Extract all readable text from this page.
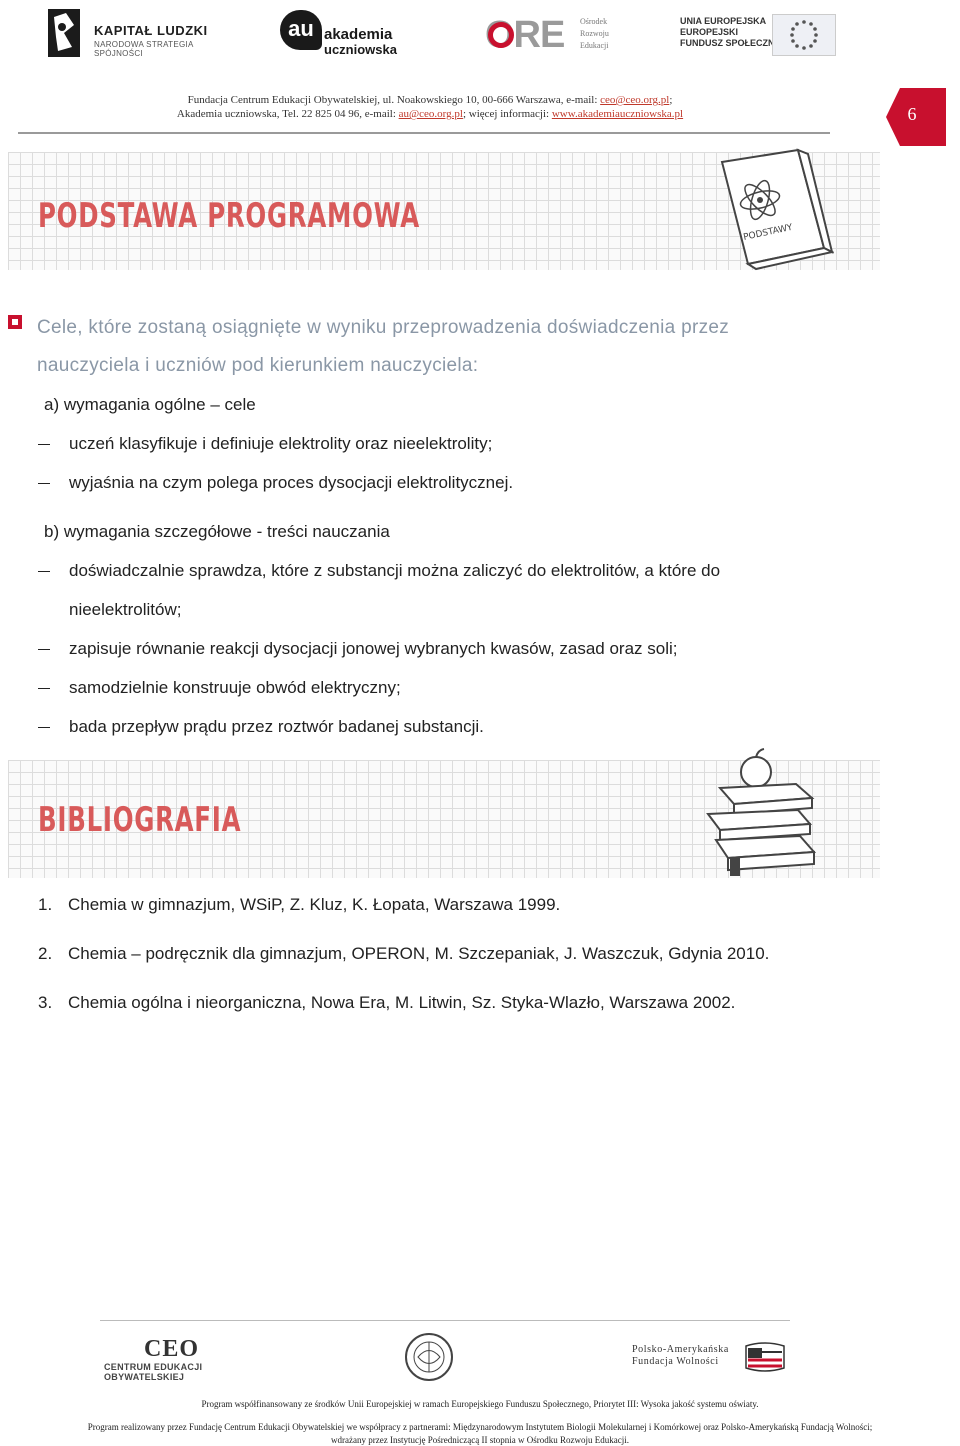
KAPITAŁ LUDZKI
NARODOWA STRATEGIA SPÓJNOŚCI
au akademia
uczniowska ORE Ośrodek
Rozwoju
Edukacji
UNIA EUROPEJSKA
EUROPEJSKI
FUNDUSZ SPOŁECZNY
Fundacja Centrum Edukacji Obywatelskiej, ul. Noakowskiego 10, 00-666 Warszawa, e-mail: ceo@ceo.org.pl;
Akademia uczniowska, Tel. 22 825 04 96, e-mail: au@ceo.org.pl; więcej informacji: www.akademiauczniowska.pl	6
PODSTAWA PROGRAMOWA	PODSTAWY
Cele, które zostaną osiągnięte w wyniku przeprowadzenia doświadczenia przez
nauczyciela i uczniów pod kierunkiem nauczyciela:
a) wymagania ogólne – cele
uczeń klasyfikuje i definiuje elektrolity oraz nieelektrolity;
wyjaśnia na czym polega proces dysocjacji elektrolitycznej.
b) wymagania szczegółowe - treści nauczania
doświadczalnie sprawdza, które z substancji można zaliczyć do elektrolitów, a które do
nieelektrolitów;
zapisuje równanie reakcji dysocjacji jonowej wybranych kwasów, zasad oraz soli;
samodzielnie konstruuje obwód elektryczny;
bada przepływ prądu przez roztwór badanej substancji.
BIBLIOGRAFIA
1. Chemia w gimnazjum, WSiP, Z. Kluz, K. Łopata, Warszawa 1999.
2. Chemia – podręcznik dla gimnazjum, OPERON, M. Szczepaniak, J. Waszczuk, Gdynia 2010.
3. Chemia ogólna i nieorganiczna, Nowa Era, M. Litwin, Sz. Styka-Wlazło, Warszawa 2002.
CEO
CENTRUM EDUKACJI OBYWATELSKIEJ
Polsko-Amerykańska
Fundacja Wolności
Program współfinansowany ze środków Unii Europejskiej w ramach Europejskiego Funduszu Społecznego, Priorytet III: Wysoka jakość systemu oświaty.
Program realizowany przez Fundację Centrum Edukacji Obywatelskiej we współpracy z partnerami: Międzynarodowym Instytutem Biologii Molekularnej i Komórkowej oraz Polsko-Amerykańską Fundacją Wolności;
wdrażany przez Instytucję Pośredniczącą II stopnia w Ośrodku Rozwoju Edukacji.
